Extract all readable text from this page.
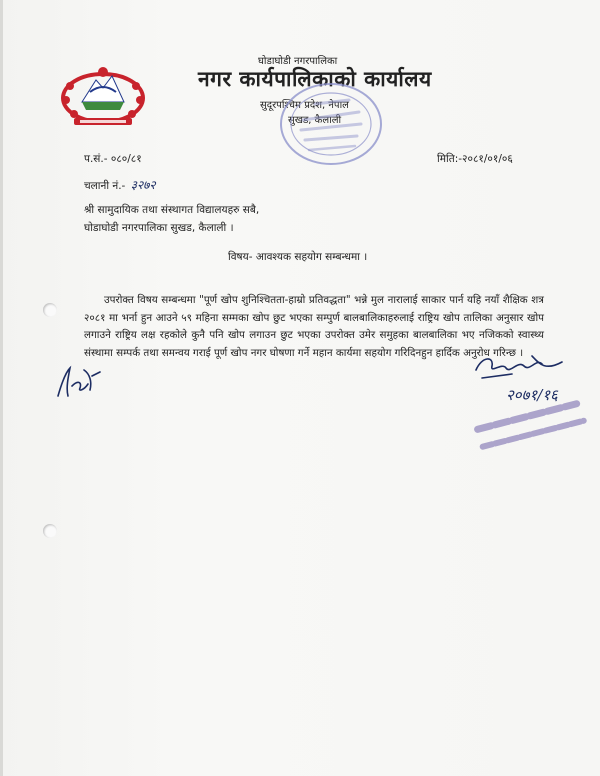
घोडाघोडी नगरपालिका
नगर कार्यपालिकाको कार्यालय
सुदूरपश्चिम प्रदेश, नेपाल
सुखड, कैलाली
प.सं.- ०८०/८१	मिति:-२०८१/०१/०६
चलानी नं.- ३२७२
श्री सामुदायिक तथा संस्थागत विद्यालयहरु सबै,
घोडाघोडी नगरपालिका सुखड, कैलाली ।
विषय- आवश्यक सहयोग सम्बन्धमा ।
उपरोक्त विषय सम्बन्धमा "पूर्ण खोप शुनिश्चितता-हाम्रो प्रतिवद्धता" भन्ने मुल नारालाई साकार पार्न यहि नयाँ शैक्षिक शत्र २०८१ मा भर्ना हुन आउने ५९ महिना सम्मका खोप छुट भएका सम्पुर्ण बालबालिकाहरुलाई राष्ट्रिय खोप तालिका अनुसार खोप लगाउने राष्ट्रिय लक्ष रहकोले कुनै पनि खोप लगाउन छुट भएका उपरोक्त उमेर समुहका बालबालिका भए नजिकको स्वास्थ्य संस्थामा सम्पर्क तथा समन्वय गराई पूर्ण खोप नगर घोषणा गर्ने महान कार्यमा सहयोग गरिदिनहुन हार्दिक अनुरोध गरिन्छ ।
२०७१/१६
